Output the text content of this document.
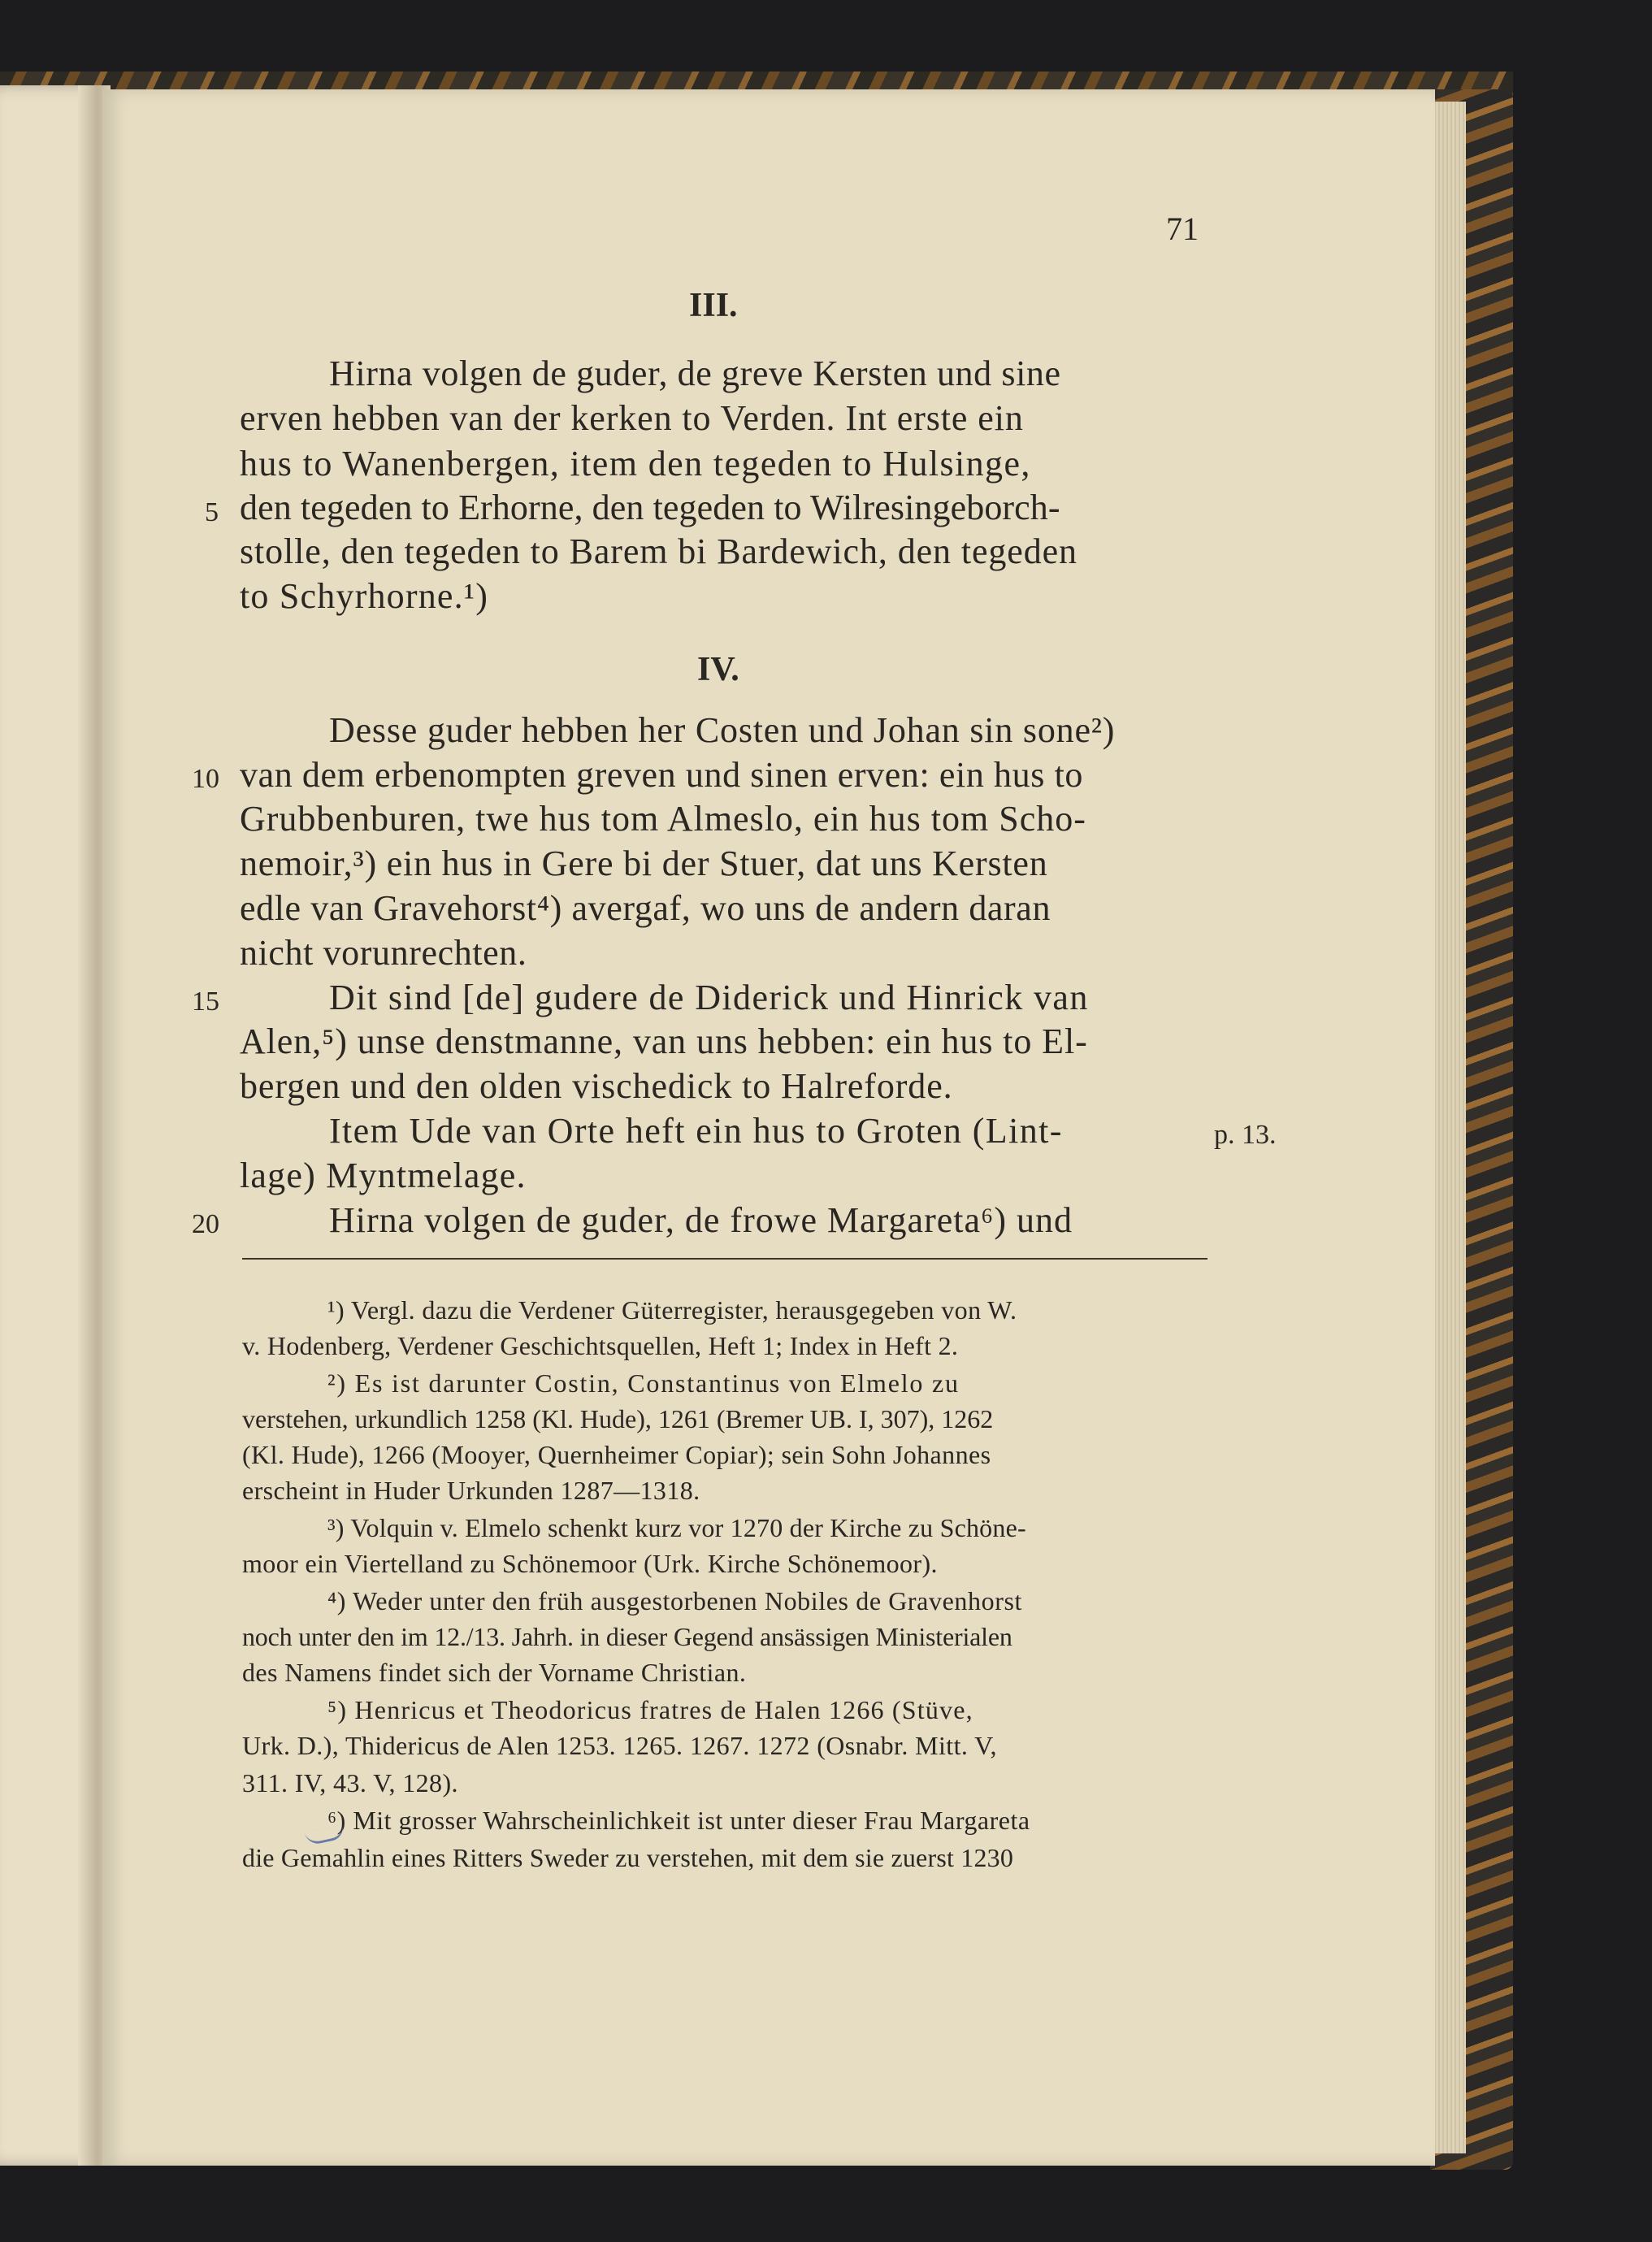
71
III.
Hirna volgen de guder, de greve Kersten und sine
erven hebben van der kerken to Verden. Int erste ein
hus to Wanenbergen, item den tegeden to Hulsinge,
den tegeden to Erhorne, den tegeden to Wilresingeborch-
stolle, den tegeden to Barem bi Bardewich, den tegeden
to Schyrhorne.¹)
IV.
Desse guder hebben her Costen und Johan sin sone²)
van dem erbenompten greven und sinen erven: ein hus to
Grubbenburen, twe hus tom Almeslo, ein hus tom Scho-
nemoir,³) ein hus in Gere bi der Stuer, dat uns Kersten
edle van Gravehorst⁴) avergaf, wo uns de andern daran
nicht vorunrechten.
Dit sind [de] gudere de Diderick und Hinrick van
Alen,⁵) unse denstmanne, van uns hebben: ein hus to El-
bergen und den olden vischedick to Halreforde.
Item Ude van Orte heft ein hus to Groten (Lint-
lage) Myntmelage.
Hirna volgen de guder, de frowe Margareta⁶) und
5
10
15
20
p. 13.
¹) Vergl. dazu die Verdener Güterregister, herausgegeben von W.
v. Hodenberg, Verdener Geschichtsquellen, Heft 1; Index in Heft 2.
²) Es ist darunter Costin, Constantinus von Elmelo zu
verstehen, urkundlich 1258 (Kl. Hude), 1261 (Bremer UB. I, 307), 1262
(Kl. Hude), 1266 (Mooyer, Quernheimer Copiar); sein Sohn Johannes
erscheint in Huder Urkunden 1287—1318.
³) Volquin v. Elmelo schenkt kurz vor 1270 der Kirche zu Schöne-
moor ein Viertelland zu Schönemoor (Urk. Kirche Schönemoor).
⁴) Weder unter den früh ausgestorbenen Nobiles de Gravenhorst
noch unter den im 12./13. Jahrh. in dieser Gegend ansässigen Ministerialen
des Namens findet sich der Vorname Christian.
⁵) Henricus et Theodoricus fratres de Halen 1266 (Stüve,
Urk. D.), Thidericus de Alen 1253. 1265. 1267. 1272 (Osnabr. Mitt. V,
311. IV, 43. V, 128).
⁶) Mit grosser Wahrscheinlichkeit ist unter dieser Frau Margareta
die Gemahlin eines Ritters Sweder zu verstehen, mit dem sie zuerst 1230
